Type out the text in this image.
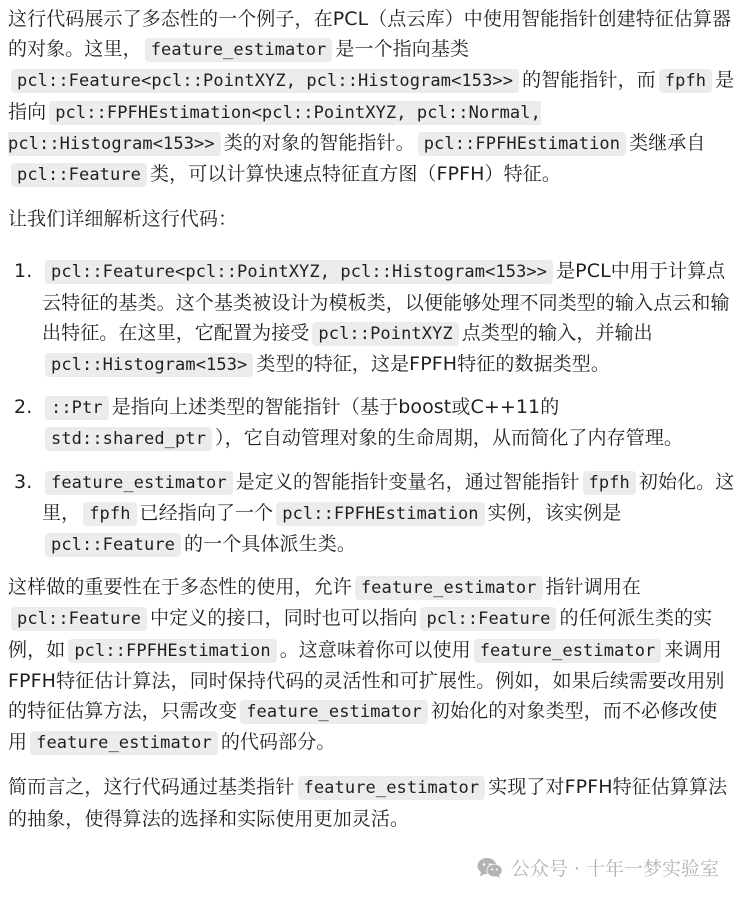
这行代码展示了多态性的一个例子，在PCL（点云库）中使用智能指针创建特征估算器的对象。这里， feature_estimator 是一个指向基类pcl::Feature<pcl::PointXYZ, pcl::Histogram<153>> 的智能指针，而 fpfh 是指向 pcl::FPFHEstimation<pcl::PointXYZ, pcl::Normal, pcl::Histogram<153>> 类的对象的智能指针。 pcl::FPFHEstimation 类继承自pcl::Feature 类，可以计算快速点特征直方图（FPFH）特征。

让我们详细解析这行代码：

pcl::Feature<pcl::PointXYZ, pcl::Histogram<153>> 是PCL中用于计算点云特征的基类。这个基类被设计为模板类，以便能够处理不同类型的输入点云和输出特征。在这里，它配置为接受 pcl::PointXYZ 点类型的输入，并输出pcl::Histogram<153> 类型的特征，这是FPFH特征的数据类型。
::Ptr 是指向上述类型的智能指针（基于boost或C++11的std::shared_ptr ），它自动管理对象的生命周期，从而简化了内存管理。
feature_estimator 是定义的智能指针变量名，通过智能指针 fpfh 初始化。这里， fpfh 已经指向了一个 pcl::FPFHEstimation 实例，该实例是pcl::Feature 的一个具体派生类。

这样做的重要性在于多态性的使用，允许 feature_estimator 指针调用在pcl::Feature 中定义的接口，同时也可以指向 pcl::Feature 的任何派生类的实例，如 pcl::FPFHEstimation 。这意味着你可以使用 feature_estimator 来调用FPFH特征估计算法，同时保持代码的灵活性和可扩展性。例如，如果后续需要改用别的特征估算方法，只需改变 feature_estimator 初始化的对象类型，而不必修改使用 feature_estimator 的代码部分。

简而言之，这行代码通过基类指针 feature_estimator 实现了对FPFH特征估算算法的抽象，使得算法的选择和实际使用更加灵活。

公众号 · 十年一梦实验室
